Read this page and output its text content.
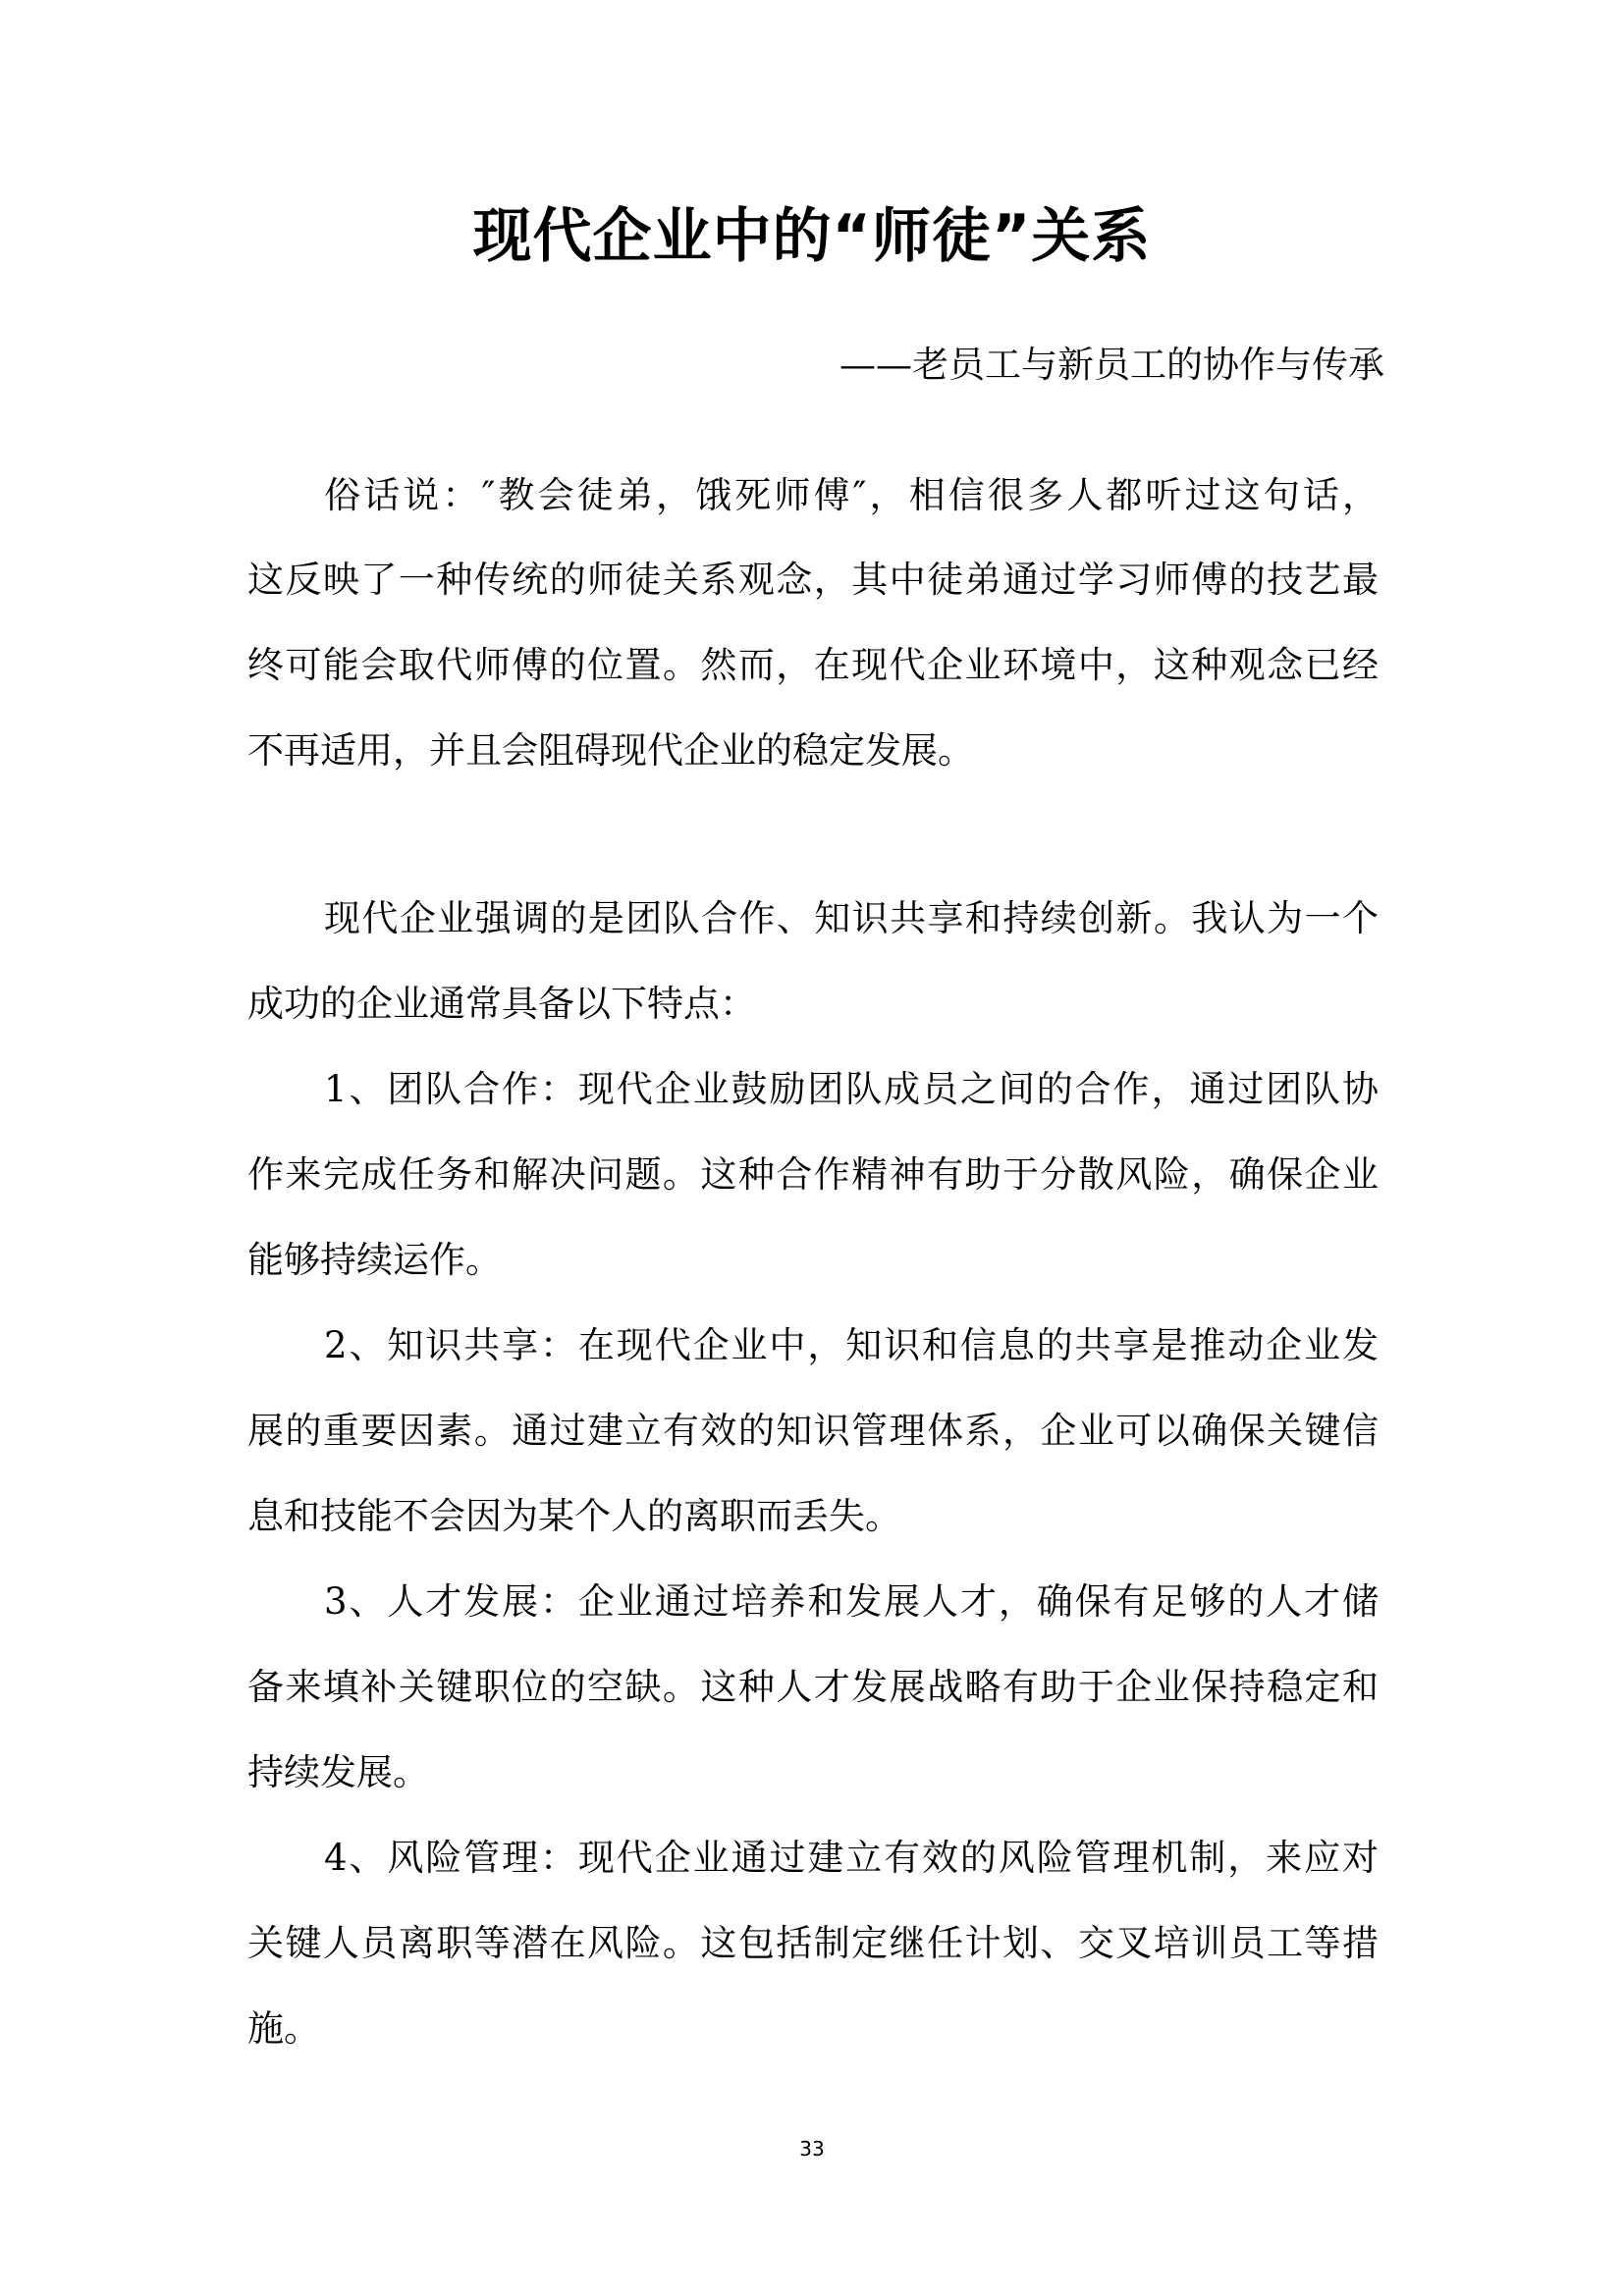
现代企业中的“师徒”关系
——老员工与新员工的协作与传承
俗话说：″教会徒弟，饿死师傅″，相信很多人都听过这句话，
这反映了一种传统的师徒关系观念，其中徒弟通过学习师傅的技艺最
终可能会取代师傅的位置。然而，在现代企业环境中，这种观念已经
不再适用，并且会阻碍现代企业的稳定发展。
现代企业强调的是团队合作、知识共享和持续创新。我认为一个
成功的企业通常具备以下特点：
1、团队合作：现代企业鼓励团队成员之间的合作，通过团队协
作来完成任务和解决问题。这种合作精神有助于分散风险，确保企业
能够持续运作。
2、知识共享：在现代企业中，知识和信息的共享是推动企业发
展的重要因素。通过建立有效的知识管理体系，企业可以确保关键信
息和技能不会因为某个人的离职而丢失。
3、人才发展：企业通过培养和发展人才，确保有足够的人才储
备来填补关键职位的空缺。这种人才发展战略有助于企业保持稳定和
持续发展。
4、风险管理：现代企业通过建立有效的风险管理机制，来应对
关键人员离职等潜在风险。这包括制定继任计划、交叉培训员工等措
施。
33
